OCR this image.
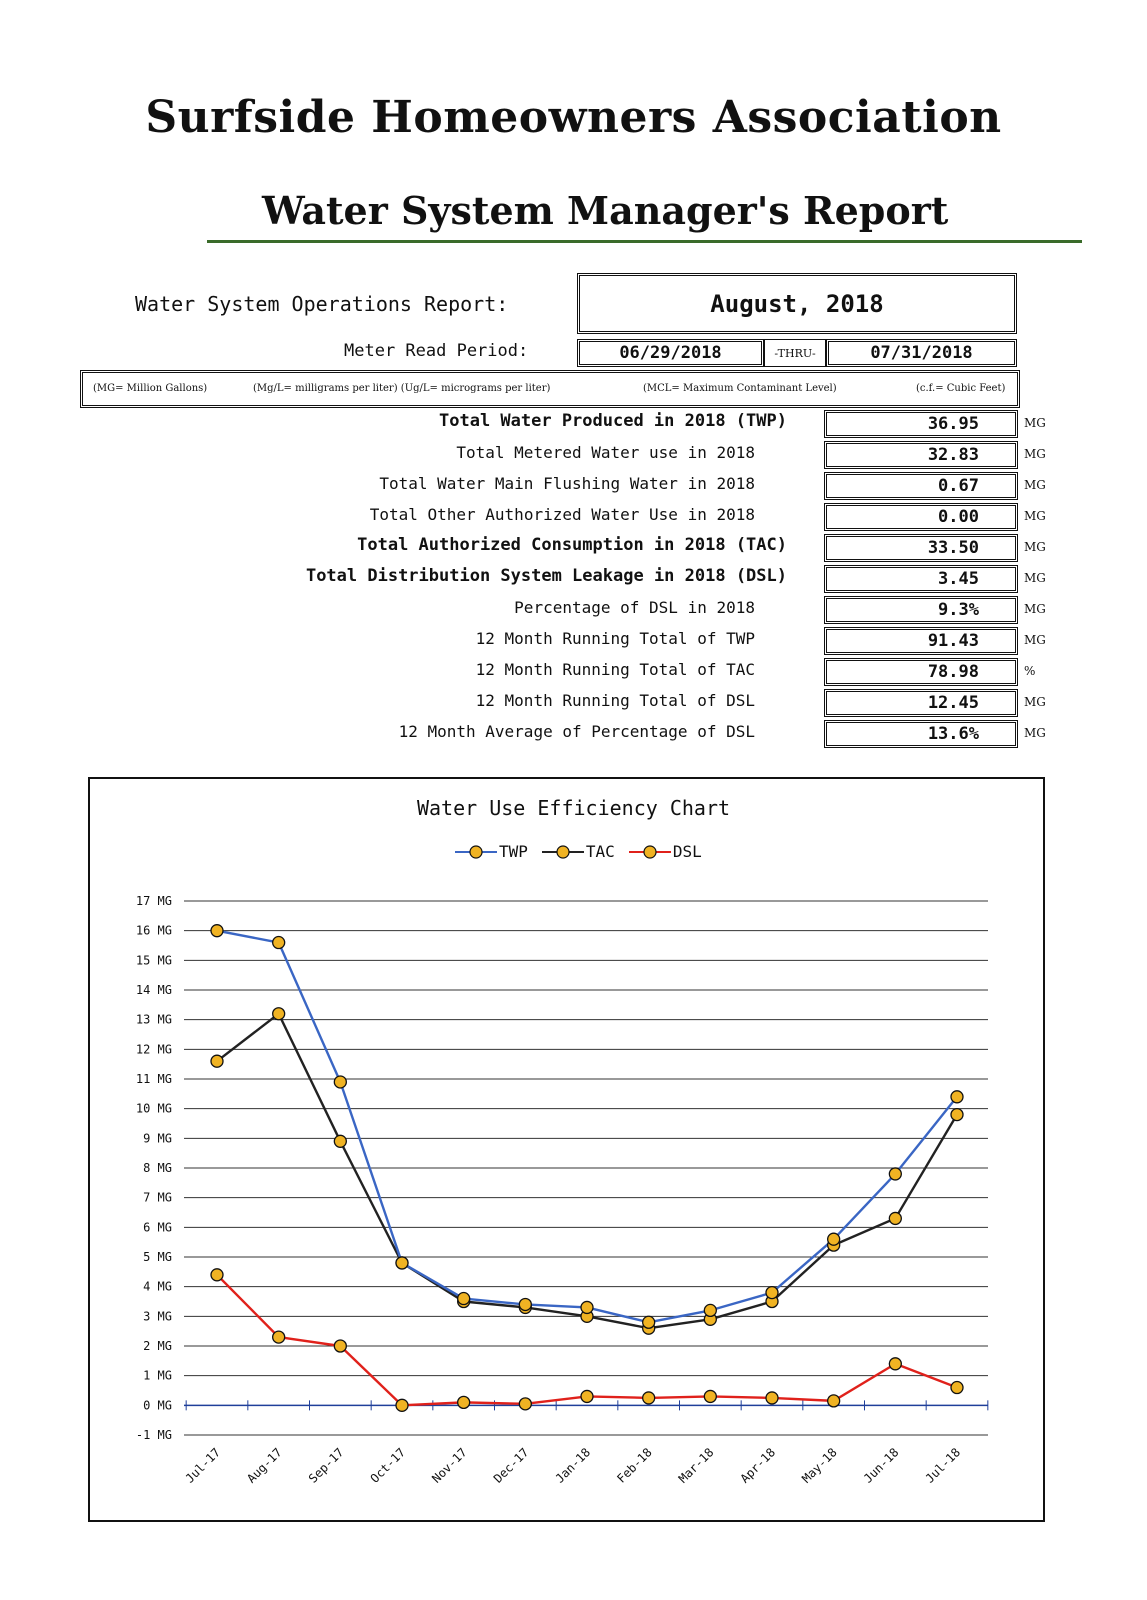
Surfside Homeowners Association
Water System Manager's Report
Water System Operations Report:	August, 2018
Meter Read Period:	06/29/2018	-THRU-	07/31/2018
(MG= Million Gallons)	(Mg/L= milligrams per liter) (Ug/L= micrograms per liter)	(MCL= Maximum Contaminant Level)	(c.f.= Cubic Feet)
Total Water Produced in 2018 (TWP)	36.95	MG
Total Metered Water use in 2018	32.83	MG
Total Water Main Flushing Water in 2018	0.67	MG
Total Other Authorized Water Use in 2018	0.00	MG
Total Authorized Consumption in 2018 (TAC)	33.50	MG
Total Distribution System Leakage in 2018 (DSL)	3.45	MG
Percentage of DSL in 2018	9.3%	MG
12 Month Running Total of TWP	91.43	MG
12 Month Running Total of TAC	78.98	%
12 Month Running Total of DSL	12.45	MG
12 Month Average of Percentage of DSL	13.6%	MG
Water Use Efficiency Chart
TWP	TAC	DSL
17 MG
16 MG
15 MG
14 MG
13 MG
12 MG
11 MG
10 MG
9 MG
8 MG
7 MG
6 MG
5 MG
4 MG
3 MG
2 MG
1 MG
0 MG
-1 MG
Jul-17 Aug-17 Sep-17 Oct-17 Nov-17 Dec-17 Jan-18 Feb-18 Mar-18 Apr-18 May-18 Jun-18 Jul-18
